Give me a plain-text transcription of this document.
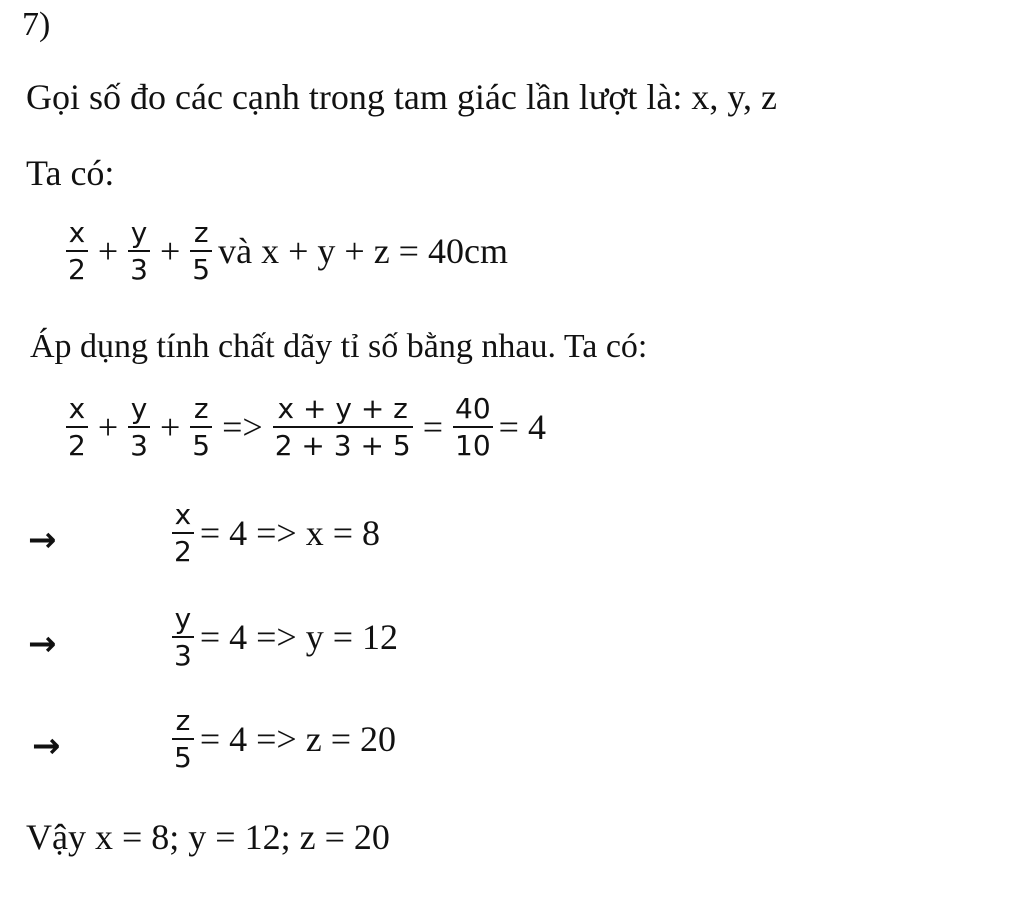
7)
Gọi số đo các cạnh trong tam giác lần lượt là: x, y, z
Ta có:
$\frac{x}{2} + \frac{y}{3} + \frac{z}{5}$ và x + y + z = 40cm
Áp dụng tính chất dãy tỉ số bằng nhau. Ta có:
$\frac{x}{2} + \frac{y}{3} + \frac{z}{5} => \frac{x + y + z}{2 + 3 + 5} = \frac{40}{10} = 4$
→	$\frac{x}{2} = 4 => x = 8$
→	$\frac{y}{3} = 4 => y = 12$
→	$\frac{z}{5} = 4 => z = 20$
Vậy x = 8; y = 12; z = 20
